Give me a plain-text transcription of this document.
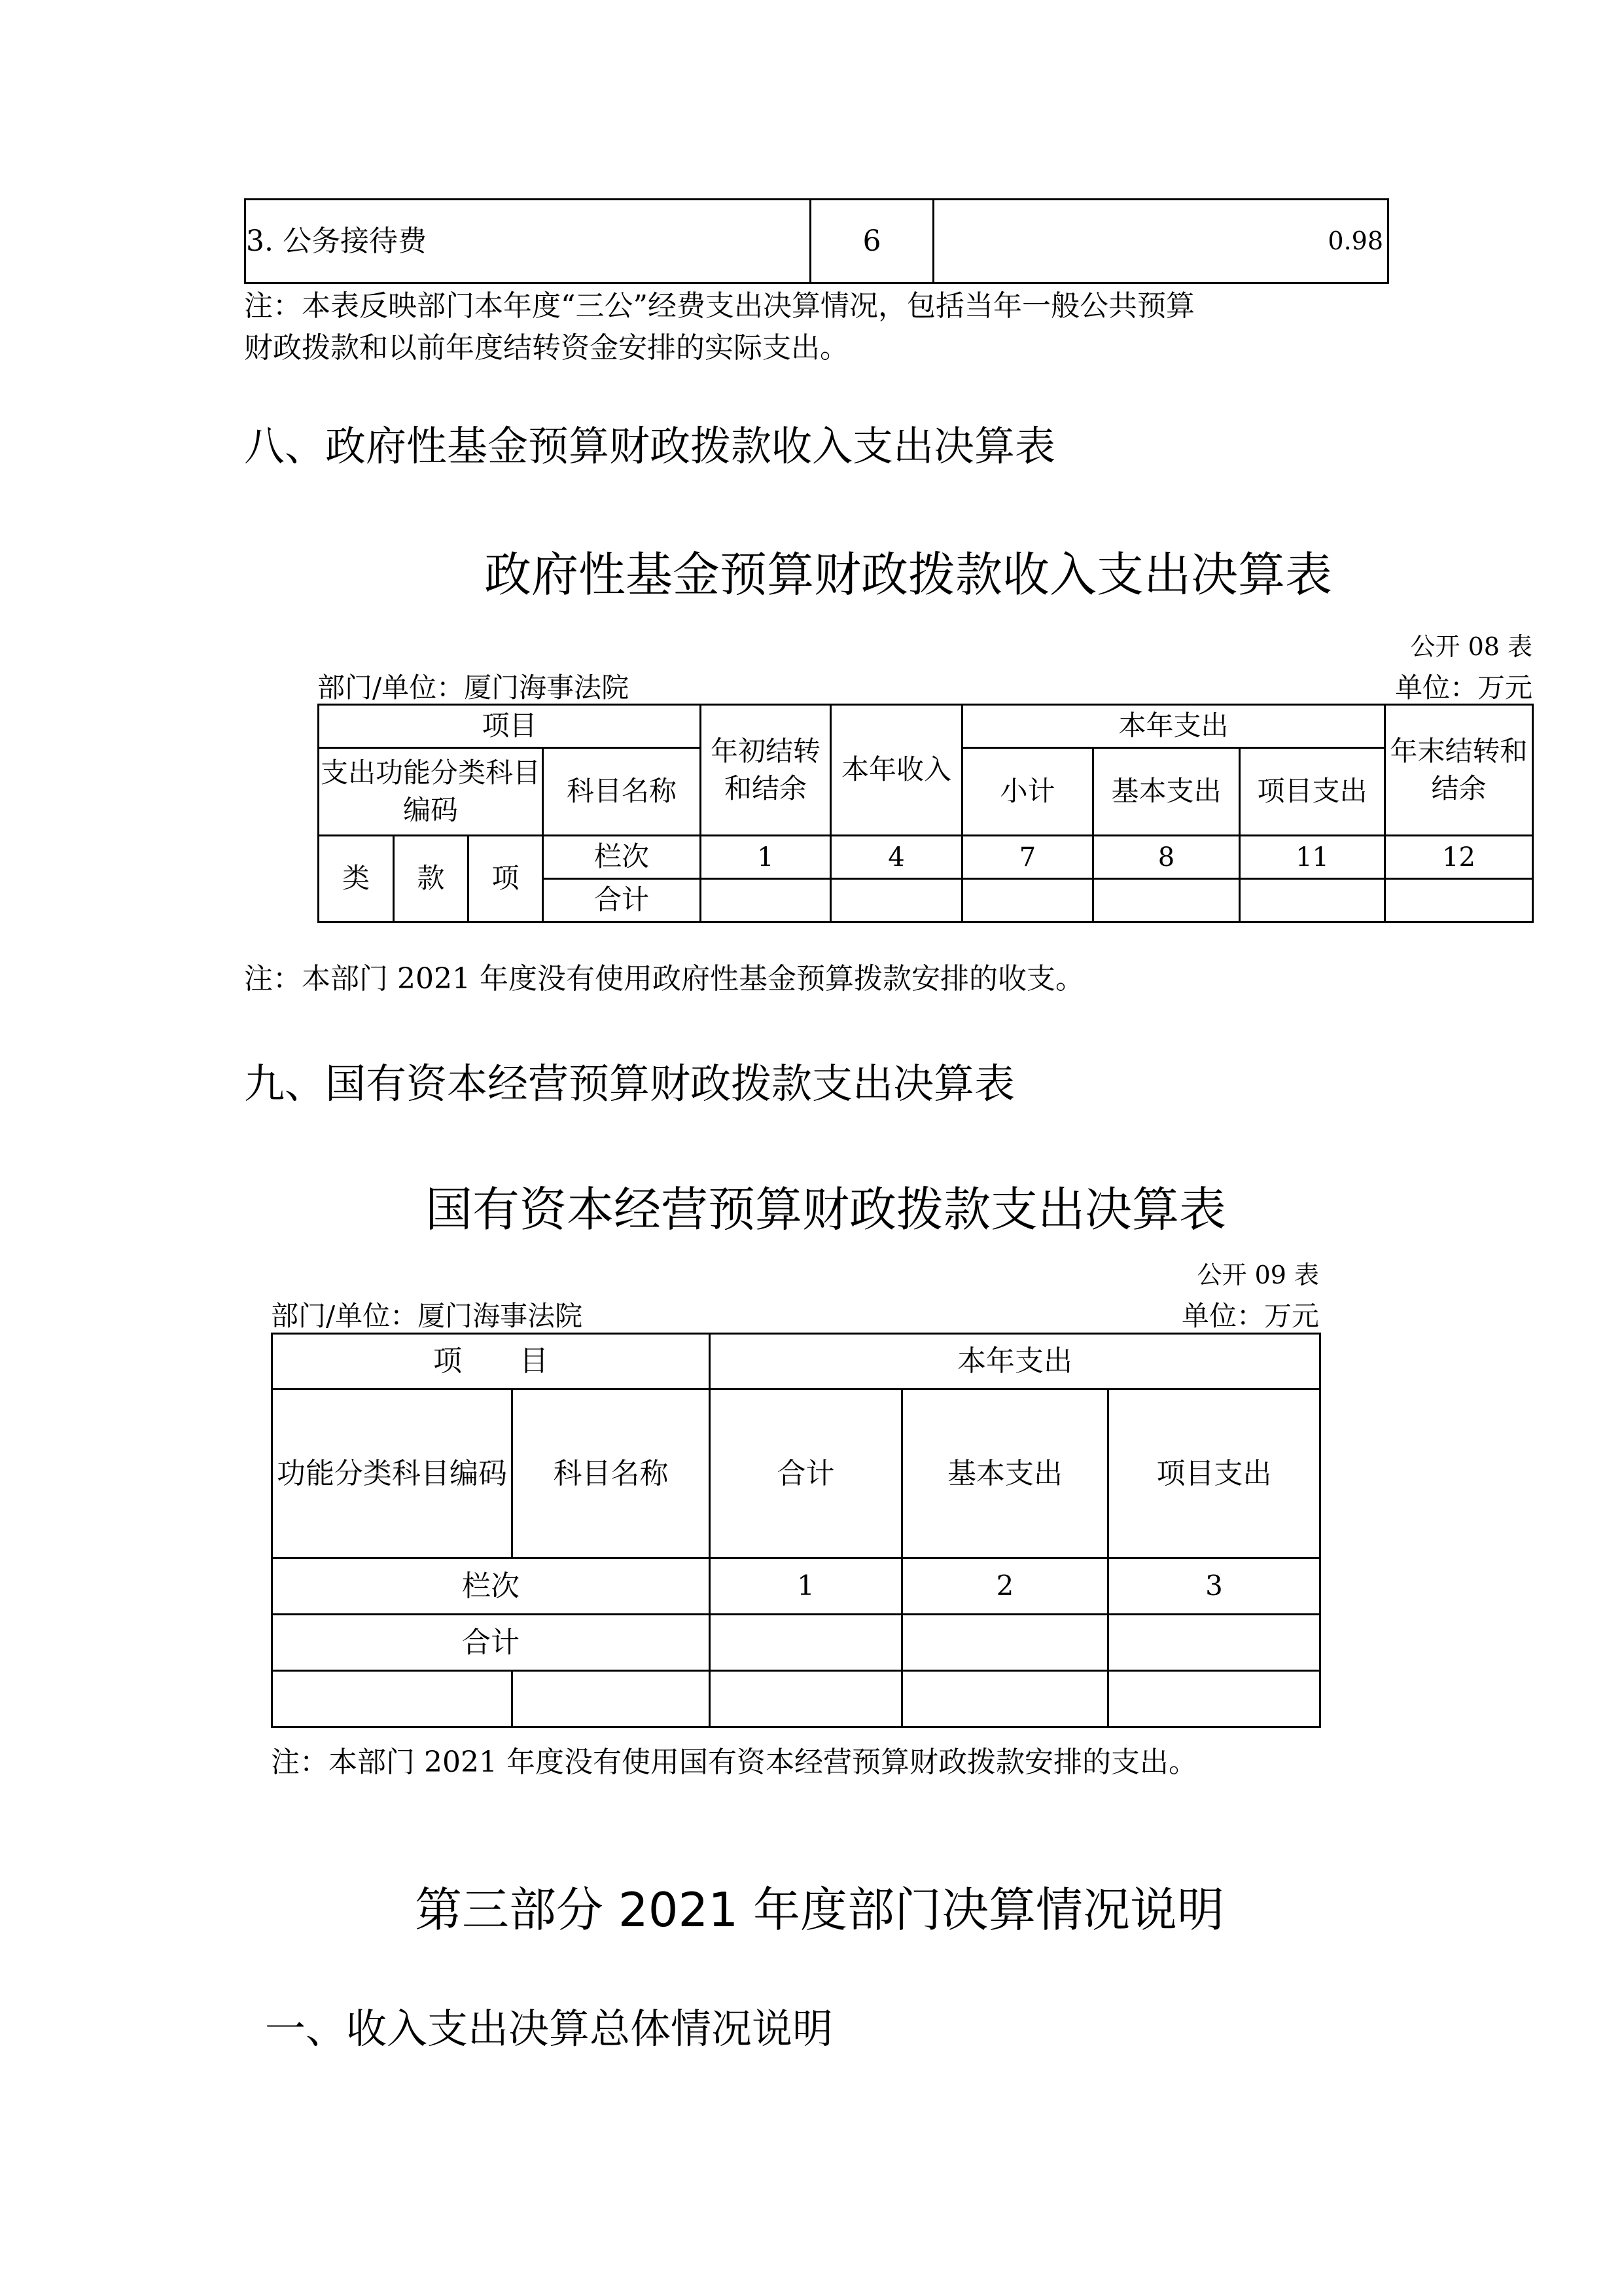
3. 公务接待费	6	0.98
注：本表反映部门本年度“三公”经费支出决算情况，包括当年一般公共预算
财政拨款和以前年度结转资金安排的实际支出。
八、政府性基金预算财政拨款收入支出决算表
政府性基金预算财政拨款收入支出决算表
公开 08 表
部门/单位：厦门海事法院	单位：万元
项目				年初结转和结余	本年收入	本年支出			年末结转和结余
支出功能分类科目编码			科目名称			小计	基本支出	项目支出	
类	款	项	栏次	1	4	7	8	11	12
			合计						
注：本部门 2021 年度没有使用政府性基金预算拨款安排的收支。
九、国有资本经营预算财政拨款支出决算表
国有资本经营预算财政拨款支出决算表
公开 09 表
部门/单位：厦门海事法院	单位：万元
项　　目		本年支出		
功能分类科目编码	科目名称	合计	基本支出	项目支出
栏次		1	2	3
合计				

注：本部门 2021 年度没有使用国有资本经营预算财政拨款安排的支出。
第三部分 2021 年度部门决算情况说明
一、收入支出决算总体情况说明
